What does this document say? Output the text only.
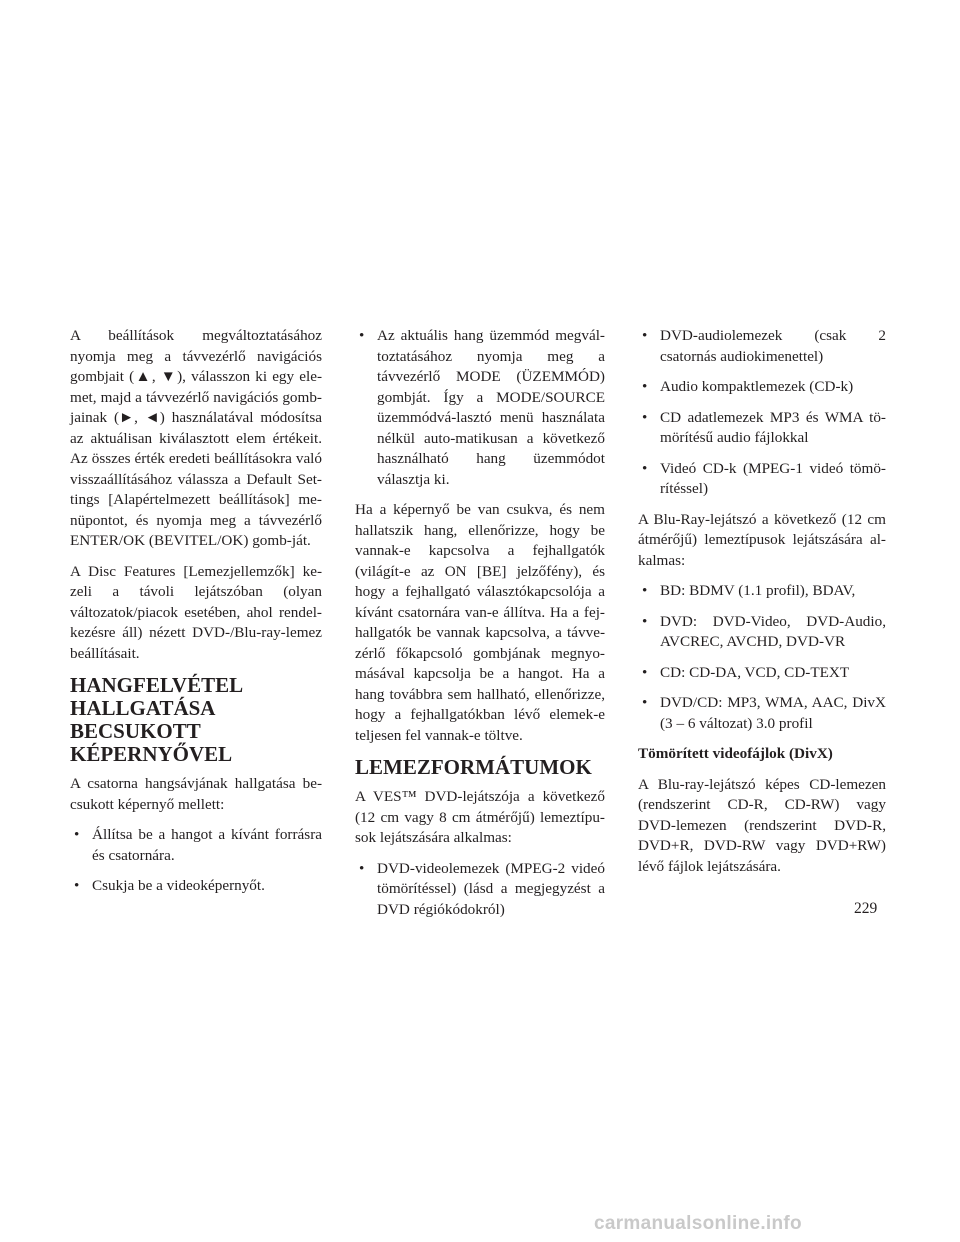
A beállítások megváltoztatásához nyomja meg a távvezérlő navigációs gombjait (▲, ▼), válasszon ki egy ele-met, majd a távvezérlő navigációs gomb-jainak (►, ◄) használatával módosítsa az aktuálisan kiválasztott elem értékeit. Az összes érték eredeti beállításokra való visszaállításához válassza a Default Set-tings [Alapértelmezett beállítások] me-nüpontot, és nyomja meg a távvezérlő ENTER/OK (BEVITEL/OK) gomb-ját.

A Disc Features [Lemezjellemzők] ke-zeli a távoli lejátszóban (olyan változatok/piacok esetében, ahol rendel-kezésre áll) nézett DVD-/Blu-ray-lemez beállításait.

HANGFELVÉTEL HALLGATÁSA BECSUKOTT KÉPERNYŐVEL

A csatorna hangsávjának hallgatása be-csukott képernyő mellett:

• Állítsa be a hangot a kívánt forrásra és csatornára.
• Csukja be a videoképernyőt.
• Az aktuális hang üzemmód megvál-toztatásához nyomja meg a távvezérlő MODE (ÜZEMMÓD) gombját. Így a MODE/SOURCE üzemmódvá-lasztó menü használata nélkül auto-matikusan a következő használható hang üzemmódot választja ki.

Ha a képernyő be van csukva, és nem hallatszik hang, ellenőrizze, hogy be vannak-e kapcsolva a fejhallgatók (világít-e az ON [BE] jelzőfény), és hogy a fejhallgató választókapcsolója a kívánt csatornára van-e állítva. Ha a fej-hallgatók be vannak kapcsolva, a távve-zérlő főkapcsoló gombjának megnyo-másával kapcsolja be a hangot. Ha a hang továbbra sem hallható, ellenőrizze, hogy a fejhallgatókban lévő elemek-e teljesen fel vannak-e töltve.

LEMEZFORMÁTUMOK

A VES™ DVD-lejátszója a következő (12 cm vagy 8 cm átmérőjű) lemeztípu-sok lejátszására alkalmas:

• DVD-videolemezek (MPEG-2 videó tömörítéssel) (lásd a megjegyzést a DVD régiókódokról)
• DVD-audiolemezek (csak 2 csatornás audiokimenettel)
• Audio kompaktlemezek (CD-k)
• CD adatlemezek MP3 és WMA tö-mörítésű audio fájlokkal
• Videó CD-k (MPEG-1 videó tömö-rítéssel)

A Blu-Ray-lejátszó a következő (12 cm átmérőjű) lemeztípusok lejátszására al-kalmas:

• BD: BDMV (1.1 profil), BDAV,
• DVD: DVD-Video, DVD-Audio, AVCREC, AVCHD, DVD-VR
• CD: CD-DA, VCD, CD-TEXT
• DVD/CD: MP3, WMA, AAC, DivX (3 – 6 változat) 3.0 profil

Tömörített videofájlok (DivX)

A Blu-ray-lejátszó képes CD-lemezen (rendszerint CD-R, CD-RW) vagy DVD-lemezen (rendszerint DVD-R, DVD+R, DVD-RW vagy DVD+RW) lévő fájlok lejátszására.

229
carmanualsonline.info
